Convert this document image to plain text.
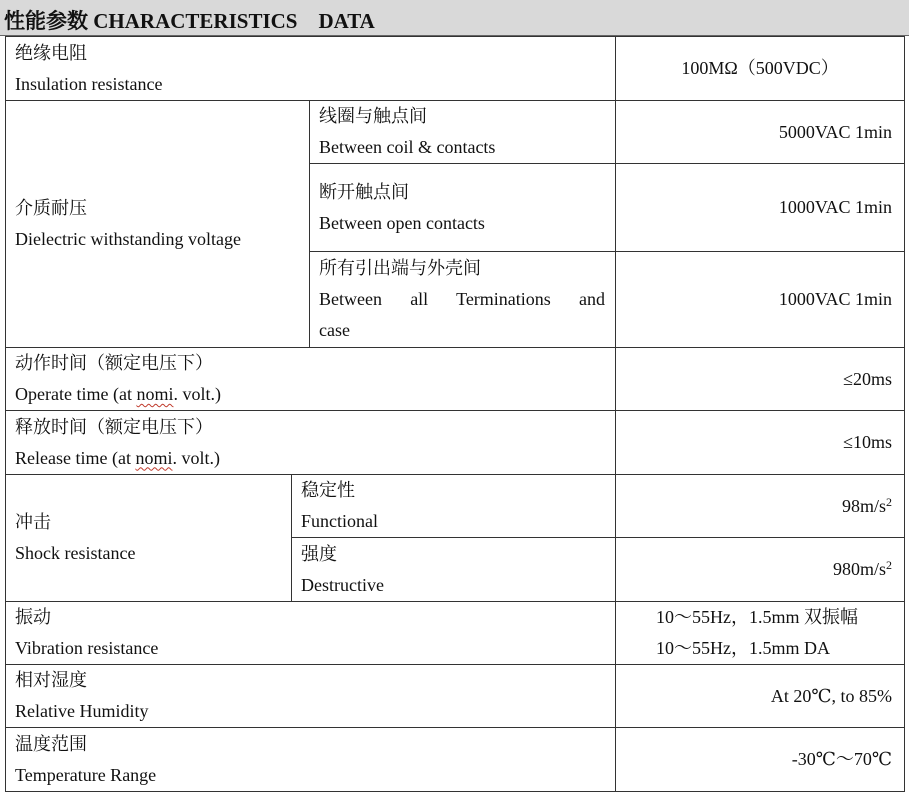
性能参数 CHARACTERISTICS    DATA
绝缘电阻
Insulation resistance			100MΩ（500VDC）

介质耐压
Dielectric withstanding voltage		线圈与触点间
Between coil & contacts	5000VAC 1min

		断开触点间
Between open contacts	1000VAC 1min

		所有引出端与外壳间
Between all Terminations and
case	1000VAC 1min

动作时间（额定电压下）
Operate time (at nomi. volt.)			≤20ms

释放时间（额定电压下）
Release time (at nomi. volt.)			≤10ms

冲击
Shock resistance	稳定性
Functional		$98m/s^2$

	强度
Destructive		$980m/s^2$

振动
Vibration resistance			10～55Hz，1.5mm 双振幅
10～55Hz，1.5mm DA

相对湿度
Relative Humidity			At 20℃, to 85%

温度范围
Temperature Range			-30℃～70℃
